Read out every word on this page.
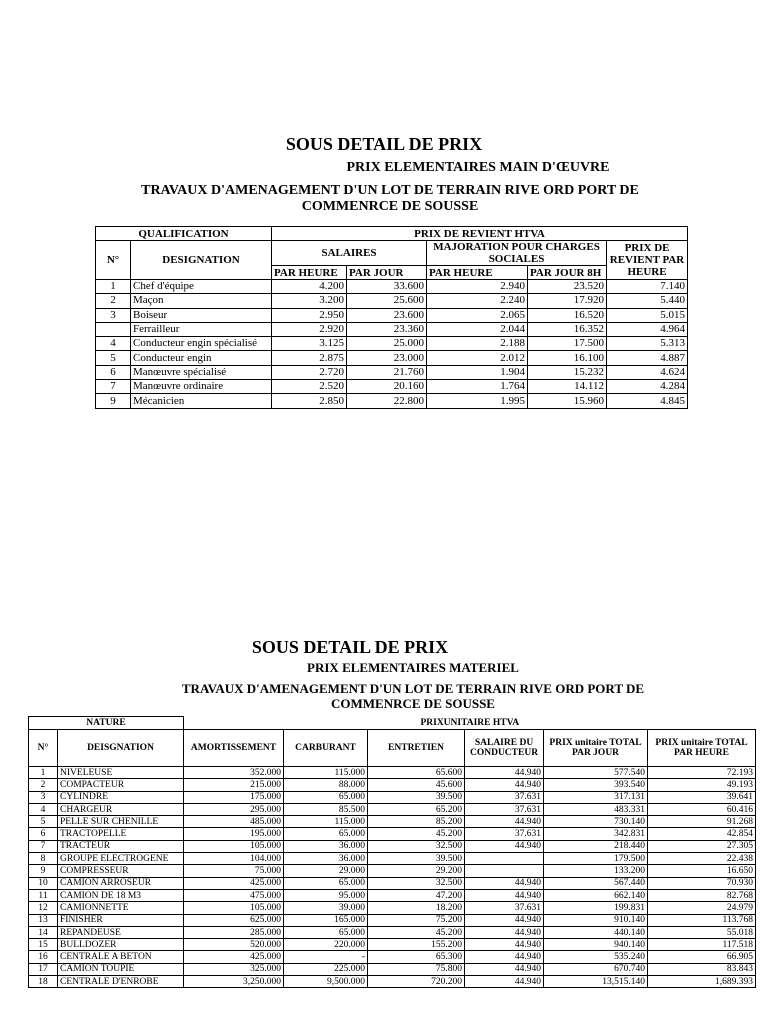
SOUS DETAIL DE PRIX
PRIX ELEMENTAIRES MAIN D'ŒUVRE
TRAVAUX D'AMENAGEMENT D'UN LOT DE TERRAIN RIVE ORD PORT DE COMMENRCE DE SOUSSE
QUALIFICATION		PRIX DE REVIENT HTVA				
N°	DESIGNATION	SALAIRES		MAJORATION POUR CHARGES SOCIALES		PRIX DE REVIENT PAR HEURE
		PAR HEURE	PAR JOUR	PAR HEURE	PAR JOUR 8H	
1	Chef d'équipe	4.200	33.600	2.940	23.520	7.140
2	Maçon	3.200	25.600	2.240	17.920	5.440
3	Boiseur	2.950	23.600	2.065	16.520	5.015
	Ferrailleur	2.920	23.360	2.044	16.352	4.964
4	Conducteur engin spécialisé	3.125	25.000	2.188	17.500	5.313
5	Conducteur engin	2.875	23.000	2.012	16.100	4.887
6	Manœuvre spécialisé	2.720	21.760	1.904	15.232	4.624
7	Manœuvre ordinaire	2.520	20.160	1.764	14.112	4.284
9	Mécanicien	2.850	22.800	1.995	15.960	4.845
SOUS DETAIL DE PRIX
PRIX ELEMENTAIRES MATERIEL
TRAVAUX D'AMENAGEMENT D'UN LOT DE TERRAIN RIVE ORD PORT DE COMMENRCE DE SOUSSE
NATURE		PRIXUNITAIRE HTVA					
N°	DEISGNATION	AMORTISSEMENT	CARBURANT	ENTRETIEN	SALAIRE DU CONDUCTEUR	PRIX unitaire TOTAL PAR JOUR	PRIX unitaire TOTAL PAR HEURE
1	NIVELEUSE	352.000	115.000	65.600	44.940	577.540	72.193
2	COMPACTEUR	215.000	88.000	45.600	44.940	393.540	49.193
3	CYLINDRE	175.000	65.000	39.500	37.631	317.131	39.641
4	CHARGEUR	295.000	85.500	65.200	37.631	483.331	60.416
5	PELLE SUR CHENILLE	485.000	115.000	85.200	44.940	730.140	91.268
6	TRACTOPELLE	195.000	65.000	45.200	37.631	342.831	42.854
7	TRACTEUR	105.000	36.000	32.500	44.940	218.440	27.305
8	GROUPE ELECTROGENE	104.000	36.000	39.500		179.500	22.438
9	COMPRESSEUR	75.000	29.000	29.200		133.200	16.650
10	CAMION ARROSEUR	425.000	65.000	32.500	44.940	567.440	70.930
11	CAMION DE 18 M3	475.000	95.000	47.200	44.940	662.140	82.768
12	CAMIONNETTE	105.000	39.000	18.200	37.631	199.831	24.979
13	FINISHER	625.000	165.000	75.200	44.940	910.140	113.768
14	REPANDEUSE	285.000	65.000	45.200	44.940	440.140	55.018
15	BULLDOZER	520.000	220.000	155.200	44.940	940.140	117.518
16	CENTRALE A BETON	425.000	-	65.300	44.940	535.240	66.905
17	CAMION TOUPIE	325.000	225.000	75.800	44.940	670.740	83.843
18	CENTRALE D'ENROBE	3,250.000	9,500.000	720.200	44.940	13,515.140	1,689.393
